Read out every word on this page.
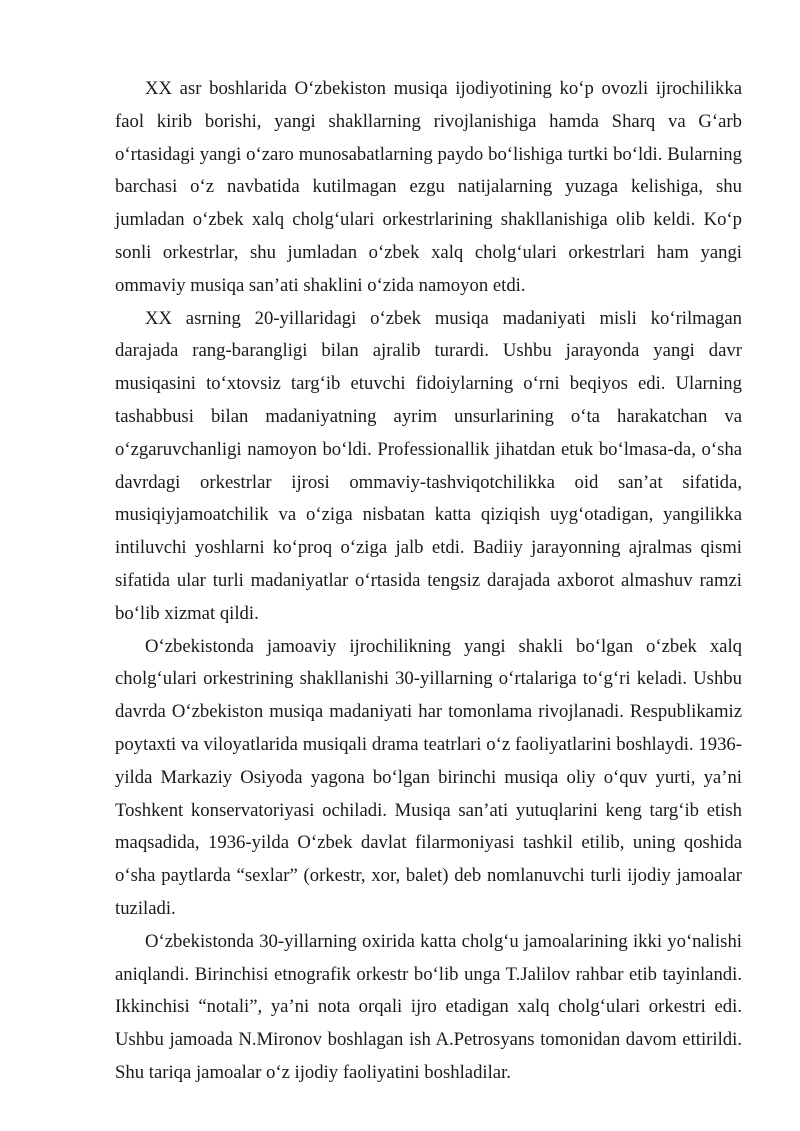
XX asr boshlarida O‘zbekiston musiqa ijodiyotining ko‘p ovozli ijrochilikka faol kirib borishi, yangi shakllarning rivojlanishiga hamda Sharq va G‘arb o‘rtasidagi yangi o‘zaro munosabatlarning paydo bo‘lishiga turtki bo‘ldi. Bularning barchasi o‘z navbatida kutilmagan ezgu natijalarning yuzaga kelishiga, shu jumladan o‘zbek xalq cholg‘ulari orkestrlarining shakllanishiga olib keldi. Ko‘p sonli orkestrlar, shu jumladan o‘zbek xalq cholg‘ulari orkestrlari ham yangi ommaviy musiqa san’ati shaklini o‘zida namoyon etdi.

XX asrning 20-yillaridagi o‘zbek musiqa madaniyati misli ko‘rilmagan darajada rang-barangligi bilan ajralib turardi. Ushbu jarayonda yangi davr musiqasini to‘xtovsiz targ‘ib etuvchi fidoiylarning o‘rni beqiyos edi. Ularning tashabbusi bilan madaniyatning ayrim unsurlarining o‘ta harakatchan va o‘zgaruvchanligi namoyon bo‘ldi. Professionallik jihatdan etuk bo‘lmasa-da, o‘sha davrdagi orkestrlar ijrosi ommaviy-tashviqotchilikka oid san’at sifatida, musiqiyjamoatchilik va o‘ziga nisbatan katta qiziqish uyg‘otadigan, yangilikka intiluvchi yoshlarni ko‘proq o‘ziga jalb etdi. Badiiy jarayonning ajralmas qismi sifatida ular turli madaniyatlar o‘rtasida tengsiz darajada axborot almashuv ramzi bo‘lib xizmat qildi.

O‘zbekistonda jamoaviy ijrochilikning yangi shakli bo‘lgan o‘zbek xalq cholg‘ulari orkestrining shakllanishi 30-yillarning o‘rtalariga to‘g‘ri keladi. Ushbu davrda O‘zbekiston musiqa madaniyati har tomonlama rivojlanadi. Respublikamiz poytaxti va viloyatlarida musiqali drama teatrlari o‘z faoliyatlarini boshlaydi. 1936-yilda Markaziy Osiyoda yagona bo‘lgan birinchi musiqa oliy o‘quv yurti, ya’ni Toshkent konservatoriyasi ochiladi. Musiqa san’ati yutuqlarini keng targ‘ib etish maqsadida, 1936-yilda O‘zbek davlat filarmoniyasi tashkil etilib, uning qoshida o‘sha paytlarda “sexlar” (orkestr, xor, balet) deb nomlanuvchi turli ijodiy jamoalar tuziladi.

O‘zbekistonda 30-yillarning oxirida katta cholg‘u jamoalarining ikki yo‘nalishi aniqlandi. Birinchisi etnografik orkestr bo‘lib unga T.Jalilov rahbar etib tayinlandi. Ikkinchisi “notali”, ya’ni nota orqali ijro etadigan xalq cholg‘ulari orkestri edi. Ushbu jamoada N.Mironov boshlagan ish A.Petrosyans tomonidan davom ettirildi. Shu tariqa jamoalar o‘z ijodiy faoliyatini boshladilar.
